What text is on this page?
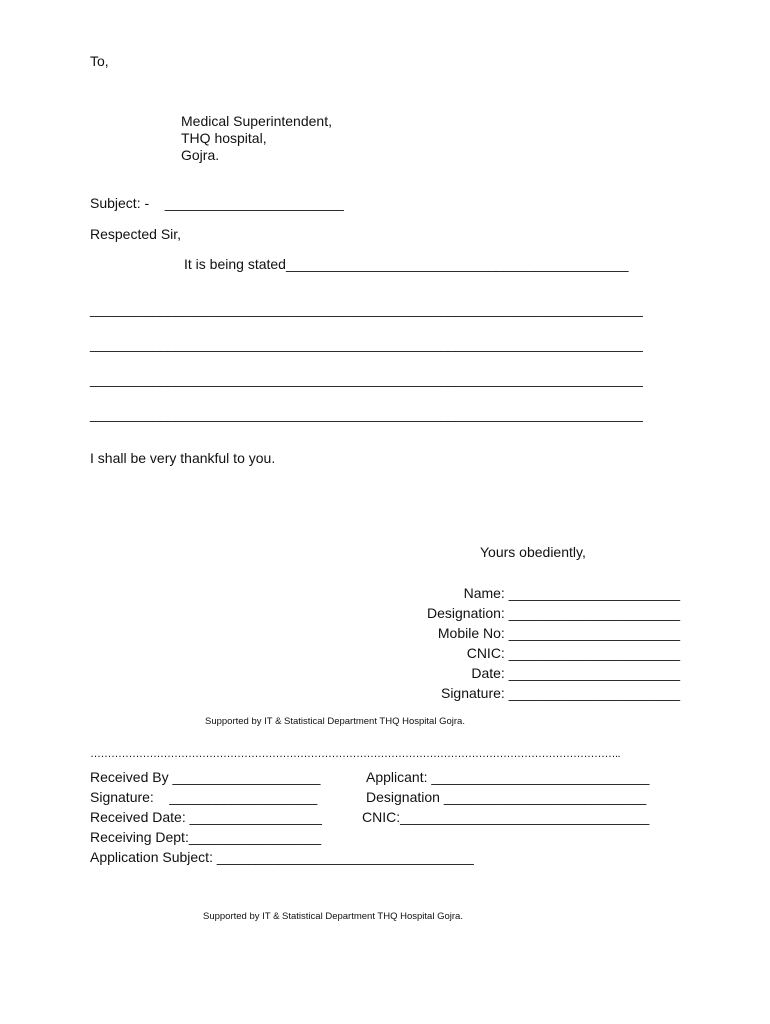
To,
Medical Superintendent,
THQ hospital,
Gojra.
Subject: -    _______________________
Respected Sir,
It is being stated____________________________________________
_______________________________________________________________________
_______________________________________________________________________
_______________________________________________________________________
_______________________________________________________________________
I shall be very thankful to you.
Yours obediently,
Name: ______________________
Designation: ______________________
Mobile No: ______________________
CNIC: ______________________
Date: ______________________
Signature: ______________________
Supported by IT & Statistical Department THQ Hospital Gojra.
……………………………………………………………………………………………………………………………………..
Received By ___________________
Signature:    ___________________
Received Date: _________________
Receiving Dept:_________________
Application Subject: _________________________________
Applicant: ____________________________
Designation __________________________
CNIC:________________________________
Supported by IT & Statistical Department THQ Hospital Gojra.
